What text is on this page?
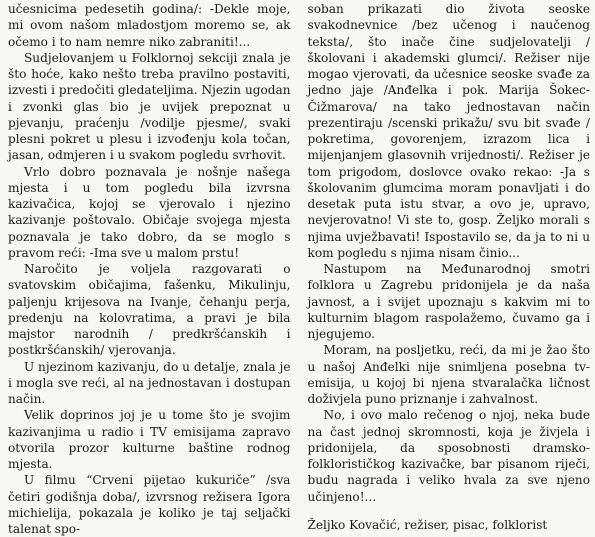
učesnicima pedesetih godina/: -Dekle moje, mi ovom našom mladostjom moremo se, ak očemo i to nam nemre niko zabraniti!...

Sudjelovanjem u Folklornoj sekciji znala je što hoće, kako nešto treba pravilno postaviti, izvesti i predočiti gledateljima. Njezin ugodan i zvonki glas bio je uvijek prepoznat u pjevanju, praćenju /vodilje pjesme/, svaki plesni pokret u plesu i izvođenju kola točan, jasan, odmjeren i u svakom pogledu svrhovit.

Vrlo dobro poznavala je nošnje našega mjesta i u tom pogledu bila izvrsna kazivačica, kojoj se vjerovalo i njezino kazivanje poštovalo. Običaje svojega mjesta poznavala je tako dobro, da se moglo s pravom reći: -Ima sve u malom prstu!

Naročito je voljela razgovarati o svatovskim običajima, fašenku, Mikulinju, paljenju krijesova na Ivanje, čehanju perja, predenju na kolovratima, a pravi je bila majstor narodnih / predkršćanskih i postkršćanskih/ vjerovanja.

U njezinom kazivanju, do u detalje, znala je i mogla sve reći, al na jednostavan i dostupan način.

Velik doprinos joj je u tome što je svojim kazivanjima u radio i TV emisijama zapravo otvorila prozor kulturne baštine rodnog mjesta.

U filmu “Crveni pijetao kukuriče” /sva četiri godišnja doba/, izvrsnog režisera Igora michielija, pokazala je koliko je taj seljački talenat spo-

soban prikazati dio života seoske svakodnevnice /bez učenog i naučenog teksta/, što inače čine sudjelovatelji /školovani i akademski glumci/. Režiser nije mogao vjerovati, da učesnice seoske svađe za jedno jaje /Anđelka i pok. Marija Šokec-Čižmarova/ na tako jednostavan način prezentiraju /scenski prikažu/ svu bit svađe / pokretima, govorenjem, izrazom lica i mijenjanjem glasovnih vrijednosti/. Režiser je tom prigodom, doslovce ovako rekao: -Ja s školovanim glumcima moram ponavljati i do desetak puta istu stvar, a ovo je, upravo, nevjerovatno! Vi ste to, gosp. Željko morali s njima uvježbavati! Ispostavilo se, da ja to ni u kom pogledu s njima nisam činio...

Nastupom na Međunarodnoj smotri folklora u Zagrebu pridonijela je da naša javnost, a i svijet upoznaju s kakvim mi to kulturnim blagom raspolažemo, čuvamo ga i njegujemo.

Moram, na posljetku, reći, da mi je žao što u našoj Anđelki nije snimljena posebna tv-emisija, u kojoj bi njena stvaralačka ličnost doživjela puno priznanje i zahvalnost.

No, i ovo malo rečenog o njoj, neka bude na čast jednoj skromnosti, koja je živjela i pridonijela, da sposobnosti dramsko-folklorističkog kazivačke, bar pisanom riječi, budu nagrada i veliko hvala za sve njeno učinjeno!...

Željko Kovačić, režiser, pisac, folklorist
